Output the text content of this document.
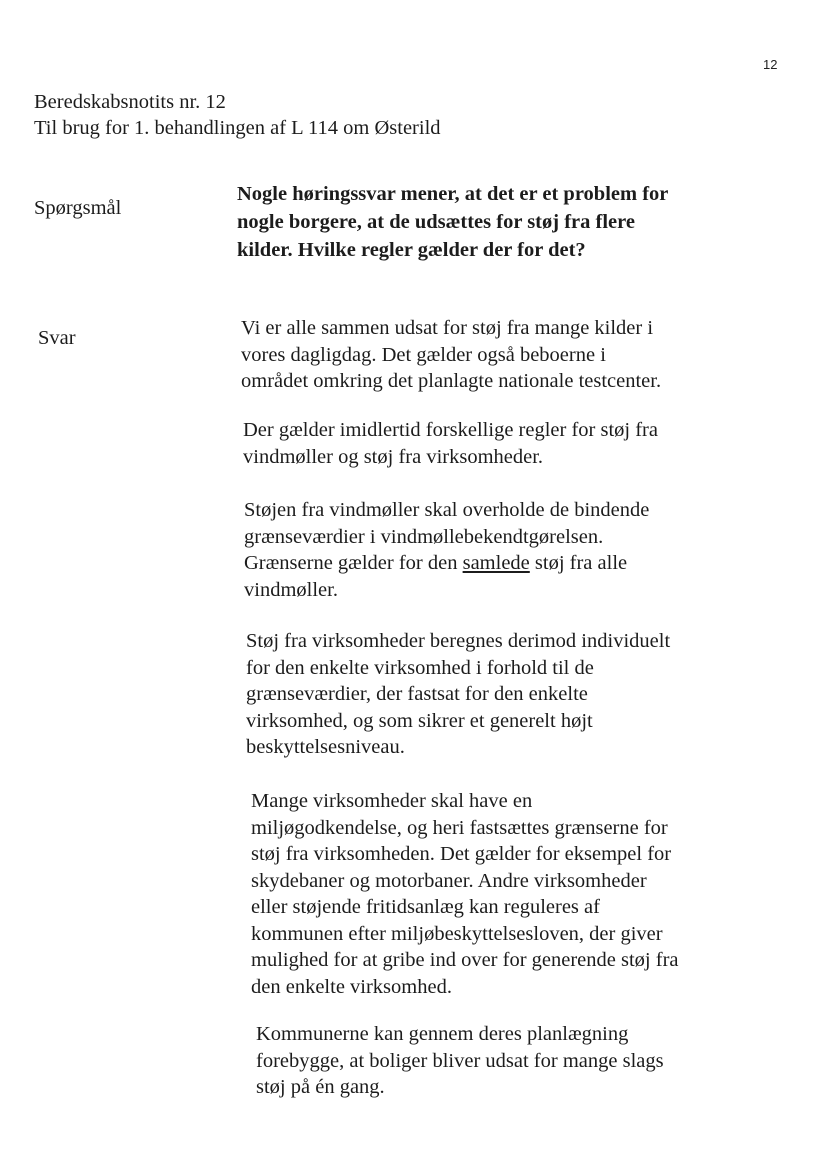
12
Beredskabsnotits nr. 12
Til brug for 1. behandlingen af L 114 om Østerild
Spørgsmål
Nogle høringssvar mener, at det er et problem for
nogle borgere, at de udsættes for støj fra flere
kilder. Hvilke regler gælder der for det?
Svar	Vi er alle sammen udsat for støj fra mange kilder i
vores dagligdag. Det gælder også beboerne i
området omkring det planlagte nationale testcenter.
Der gælder imidlertid forskellige regler for støj fra
vindmøller og støj fra virksomheder.
Støjen fra vindmøller skal overholde de bindende
grænseværdier i vindmøllebekendtgørelsen.
Grænserne gælder for den samlede støj fra alle
vindmøller.
Støj fra virksomheder beregnes derimod individuelt
for den enkelte virksomhed i forhold til de
grænseværdier, der fastsat for den enkelte
virksomhed, og som sikrer et generelt højt
beskyttelsesniveau.
Mange virksomheder skal have en
miljøgodkendelse, og heri fastsættes grænserne for
støj fra virksomheden. Det gælder for eksempel for
skydebaner og motorbaner. Andre virksomheder
eller støjende fritidsanlæg kan reguleres af
kommunen efter miljøbeskyttelsesloven, der giver
mulighed for at gribe ind over for generende støj fra
den enkelte virksomhed.
Kommunerne kan gennem deres planlægning
forebygge, at boliger bliver udsat for mange slags
støj på én gang.
